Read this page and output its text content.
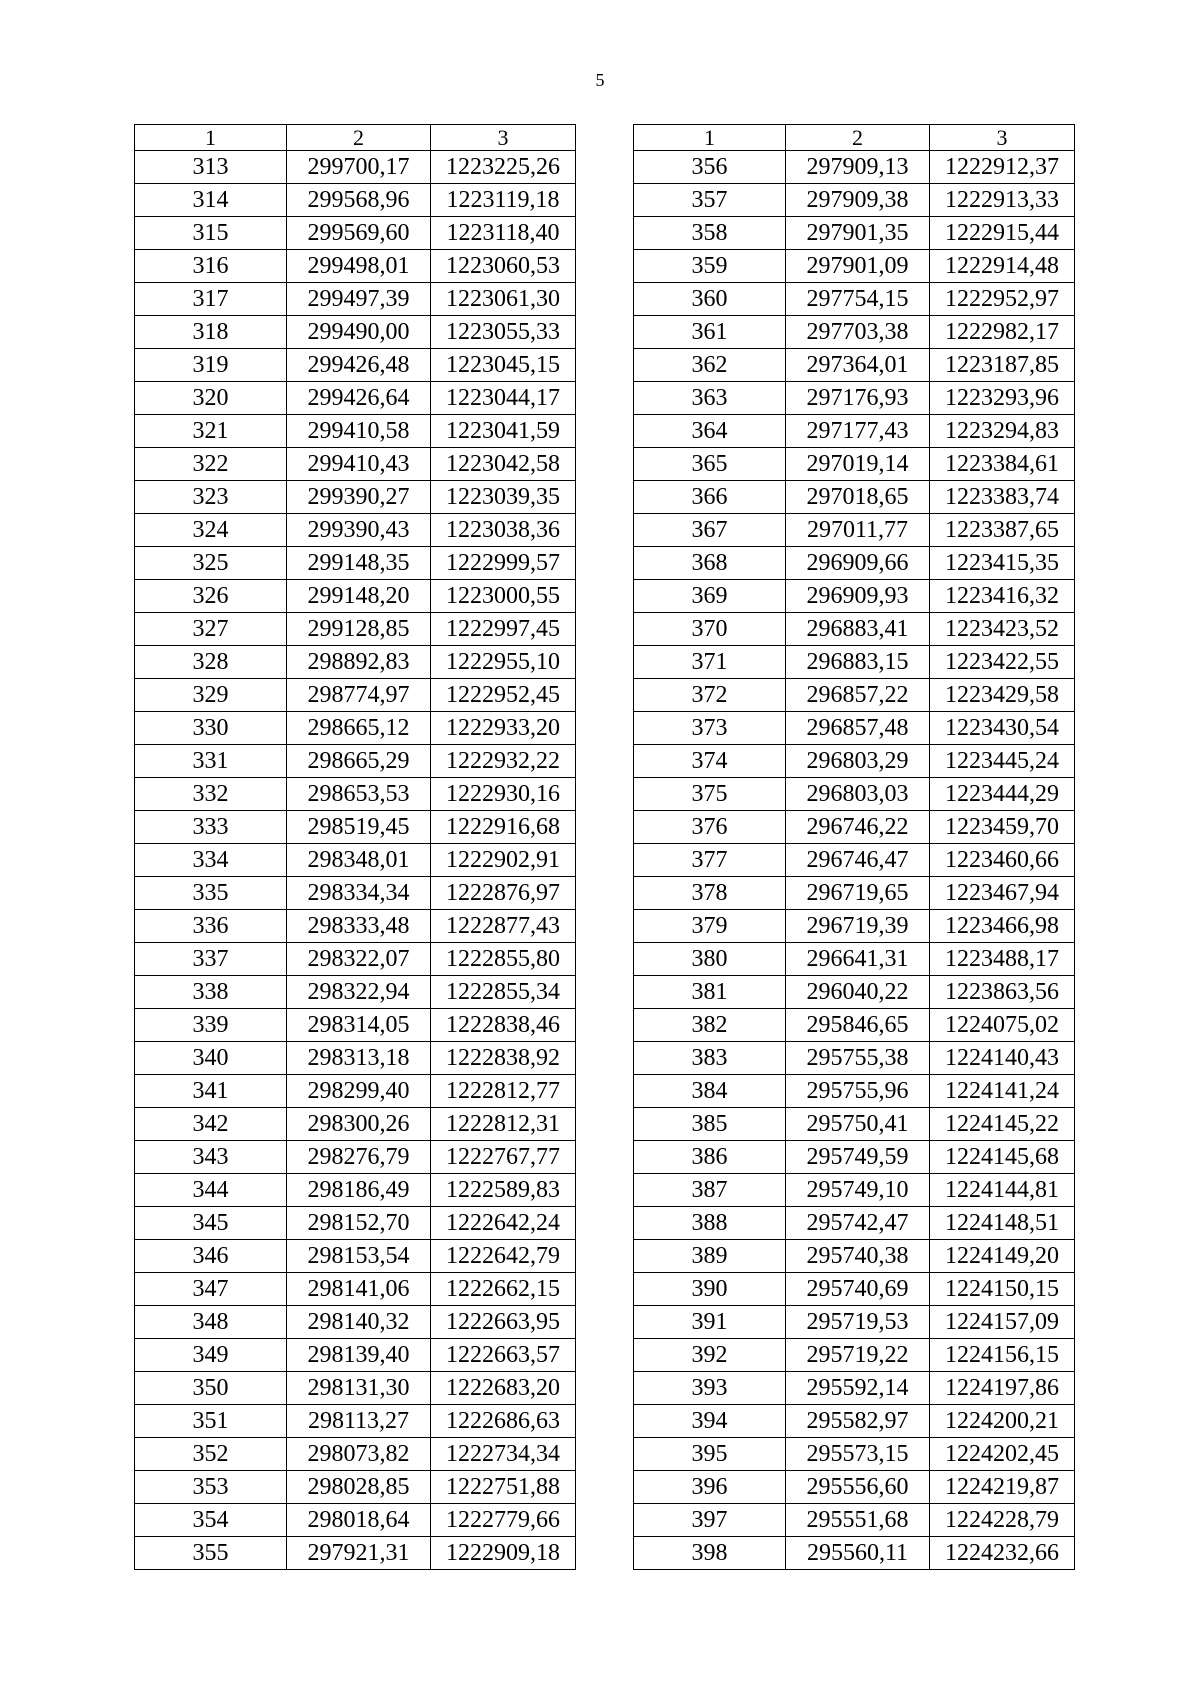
5
1	2	3
313	299700,17	1223225,26
314	299568,96	1223119,18
315	299569,60	1223118,40
316	299498,01	1223060,53
317	299497,39	1223061,30
318	299490,00	1223055,33
319	299426,48	1223045,15
320	299426,64	1223044,17
321	299410,58	1223041,59
322	299410,43	1223042,58
323	299390,27	1223039,35
324	299390,43	1223038,36
325	299148,35	1222999,57
326	299148,20	1223000,55
327	299128,85	1222997,45
328	298892,83	1222955,10
329	298774,97	1222952,45
330	298665,12	1222933,20
331	298665,29	1222932,22
332	298653,53	1222930,16
333	298519,45	1222916,68
334	298348,01	1222902,91
335	298334,34	1222876,97
336	298333,48	1222877,43
337	298322,07	1222855,80
338	298322,94	1222855,34
339	298314,05	1222838,46
340	298313,18	1222838,92
341	298299,40	1222812,77
342	298300,26	1222812,31
343	298276,79	1222767,77
344	298186,49	1222589,83
345	298152,70	1222642,24
346	298153,54	1222642,79
347	298141,06	1222662,15
348	298140,32	1222663,95
349	298139,40	1222663,57
350	298131,30	1222683,20
351	298113,27	1222686,63
352	298073,82	1222734,34
353	298028,85	1222751,88
354	298018,64	1222779,66
355	297921,31	1222909,18
1	2	3
356	297909,13	1222912,37
357	297909,38	1222913,33
358	297901,35	1222915,44
359	297901,09	1222914,48
360	297754,15	1222952,97
361	297703,38	1222982,17
362	297364,01	1223187,85
363	297176,93	1223293,96
364	297177,43	1223294,83
365	297019,14	1223384,61
366	297018,65	1223383,74
367	297011,77	1223387,65
368	296909,66	1223415,35
369	296909,93	1223416,32
370	296883,41	1223423,52
371	296883,15	1223422,55
372	296857,22	1223429,58
373	296857,48	1223430,54
374	296803,29	1223445,24
375	296803,03	1223444,29
376	296746,22	1223459,70
377	296746,47	1223460,66
378	296719,65	1223467,94
379	296719,39	1223466,98
380	296641,31	1223488,17
381	296040,22	1223863,56
382	295846,65	1224075,02
383	295755,38	1224140,43
384	295755,96	1224141,24
385	295750,41	1224145,22
386	295749,59	1224145,68
387	295749,10	1224144,81
388	295742,47	1224148,51
389	295740,38	1224149,20
390	295740,69	1224150,15
391	295719,53	1224157,09
392	295719,22	1224156,15
393	295592,14	1224197,86
394	295582,97	1224200,21
395	295573,15	1224202,45
396	295556,60	1224219,87
397	295551,68	1224228,79
398	295560,11	1224232,66
